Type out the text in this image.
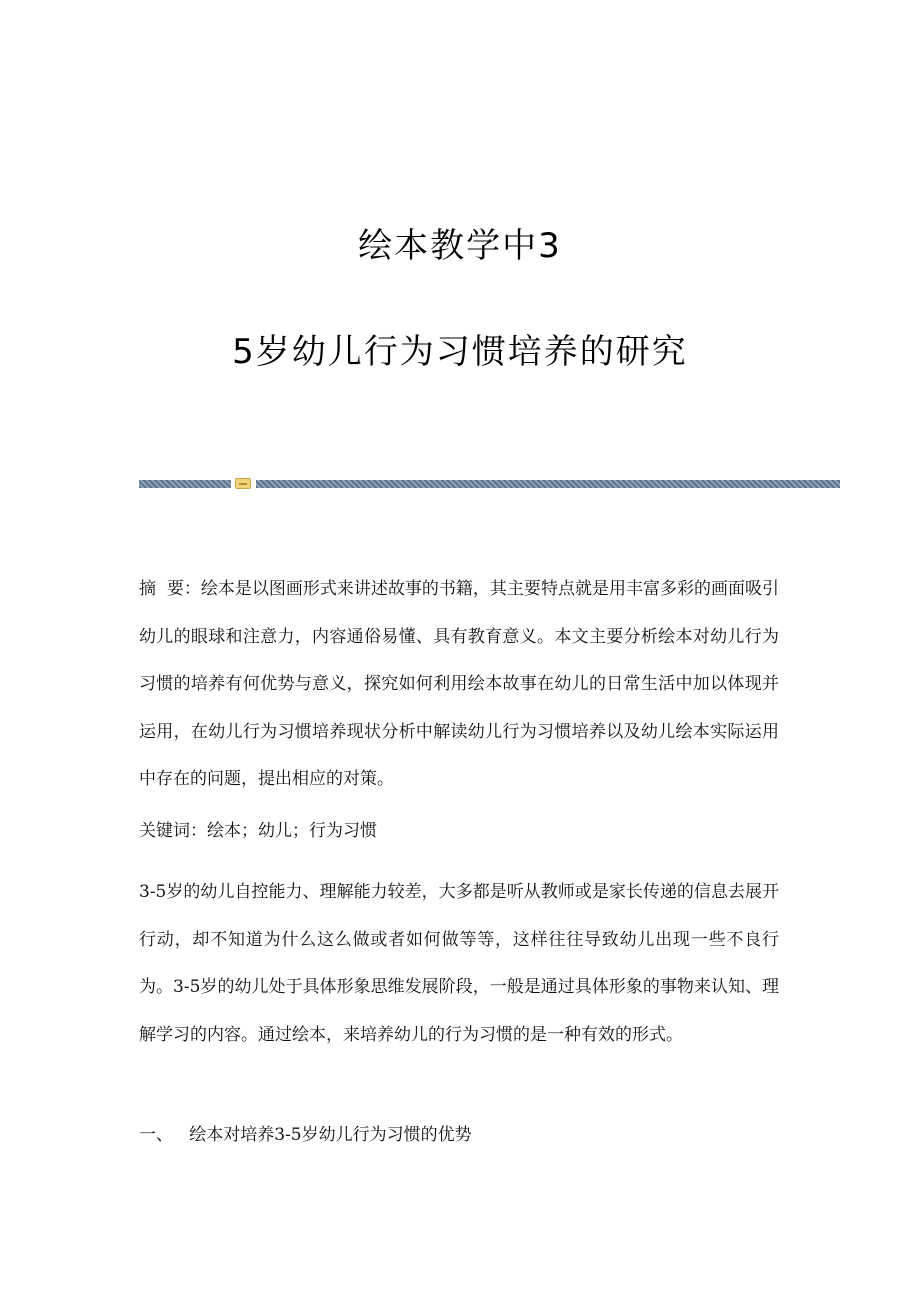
绘本教学中3
5岁幼儿行为习惯培养的研究
摘  要：绘本是以图画形式来讲述故事的书籍，其主要特点就是用丰富多彩的画面吸引幼儿的眼球和注意力，内容通俗易懂、具有教育意义。本文主要分析绘本对幼儿行为习惯的培养有何优势与意义，探究如何利用绘本故事在幼儿的日常生活中加以体现并运用，在幼儿行为习惯培养现状分析中解读幼儿行为习惯培养以及幼儿绘本实际运用中存在的问题，提出相应的对策。
关键词：绘本；幼儿；行为习惯
3-5岁的幼儿自控能力、理解能力较差，大多都是听从教师或是家长传递的信息去展开行动，却不知道为什么这么做或者如何做等等，这样往往导致幼儿出现一些不良行为。3-5岁的幼儿处于具体形象思维发展阶段，一般是通过具体形象的事物来认知、理解学习的内容。通过绘本，来培养幼儿的行为习惯的是一种有效的形式。
一、 绘本对培养3-5岁幼儿行为习惯的优势
